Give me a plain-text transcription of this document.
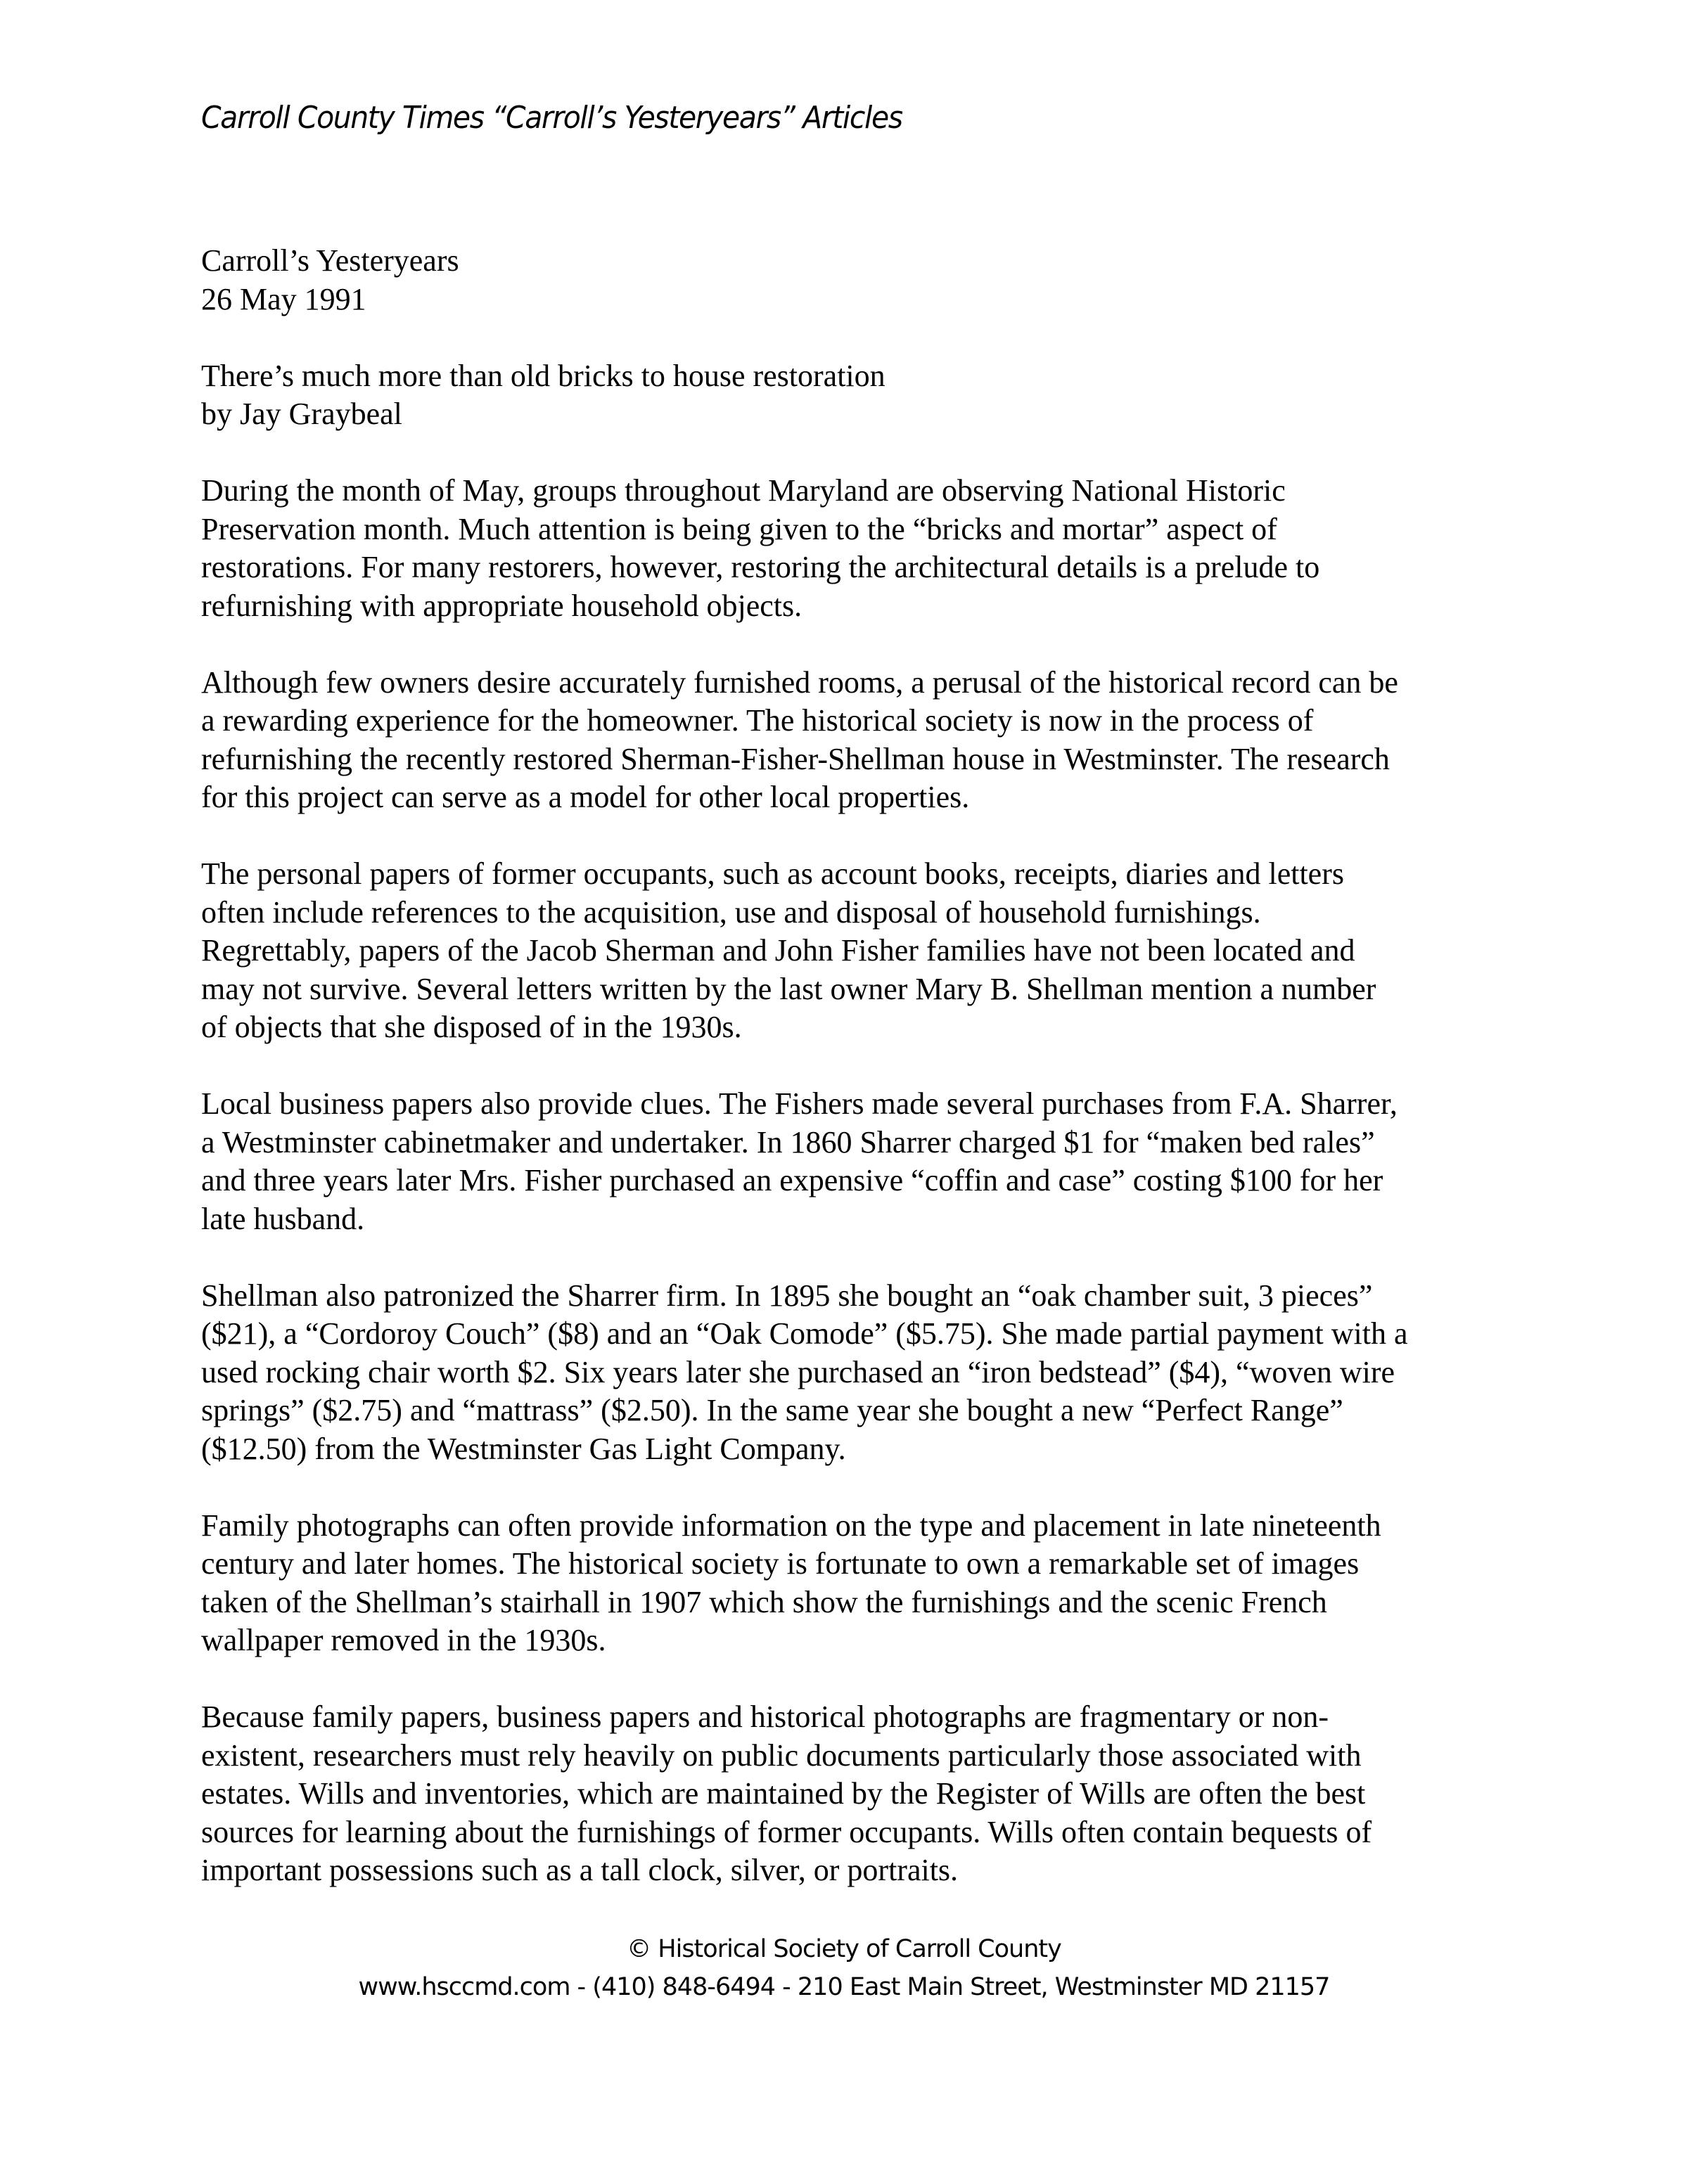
Carroll County Times “Carroll’s Yesteryears” Articles
Carroll’s Yesteryears
26 May 1991
There’s much more than old bricks to house restoration
by Jay Graybeal
During the month of May, groups throughout Maryland are observing National Historic
Preservation month. Much attention is being given to the “bricks and mortar” aspect of
restorations. For many restorers, however, restoring the architectural details is a prelude to
refurnishing with appropriate household objects.
Although few owners desire accurately furnished rooms, a perusal of the historical record can be
a rewarding experience for the homeowner. The historical society is now in the process of
refurnishing the recently restored Sherman-Fisher-Shellman house in Westminster. The research
for this project can serve as a model for other local properties.
The personal papers of former occupants, such as account books, receipts, diaries and letters
often include references to the acquisition, use and disposal of household furnishings.
Regrettably, papers of the Jacob Sherman and John Fisher families have not been located and
may not survive. Several letters written by the last owner Mary B. Shellman mention a number
of objects that she disposed of in the 1930s.
Local business papers also provide clues. The Fishers made several purchases from F.A. Sharrer,
a Westminster cabinetmaker and undertaker. In 1860 Sharrer charged $1 for “maken bed rales”
and three years later Mrs. Fisher purchased an expensive “coffin and case” costing $100 for her
late husband.
Shellman also patronized the Sharrer firm. In 1895 she bought an “oak chamber suit, 3 pieces”
($21), a “Cordoroy Couch” ($8) and an “Oak Comode” ($5.75). She made partial payment with a
used rocking chair worth $2. Six years later she purchased an “iron bedstead” ($4), “woven wire
springs” ($2.75) and “mattrass” ($2.50). In the same year she bought a new “Perfect Range”
($12.50) from the Westminster Gas Light Company.
Family photographs can often provide information on the type and placement in late nineteenth
century and later homes. The historical society is fortunate to own a remarkable set of images
taken of the Shellman’s stairhall in 1907 which show the furnishings and the scenic French
wallpaper removed in the 1930s.
Because family papers, business papers and historical photographs are fragmentary or non-
existent, researchers must rely heavily on public documents particularly those associated with
estates. Wills and inventories, which are maintained by the Register of Wills are often the best
sources for learning about the furnishings of former occupants. Wills often contain bequests of
important possessions such as a tall clock, silver, or portraits.
© Historical Society of Carroll County
www.hsccmd.com - (410) 848-6494 - 210 East Main Street, Westminster MD 21157
